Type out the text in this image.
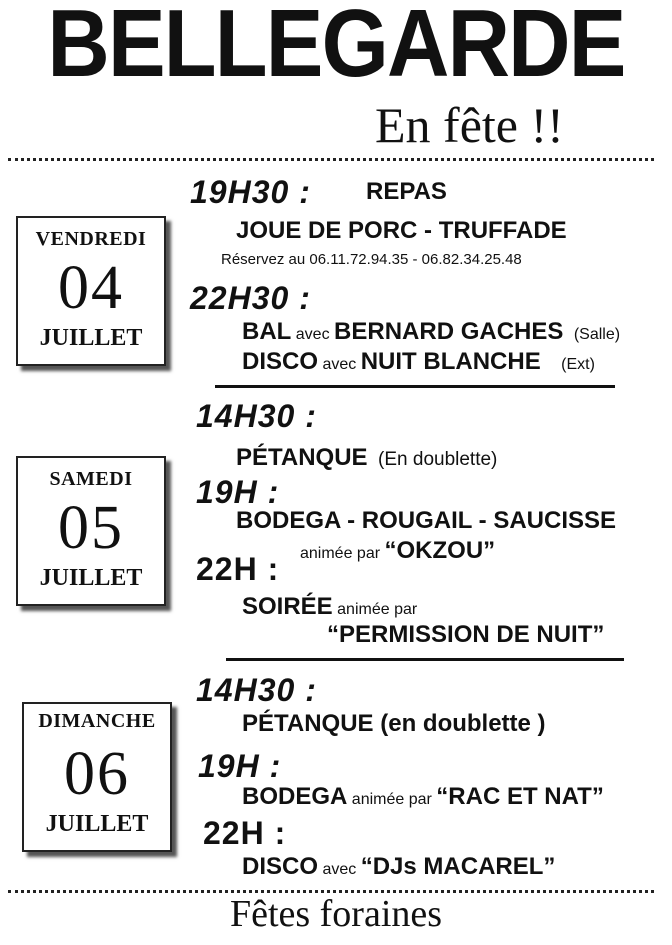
BELLEGARDE
En fête !!
VENDREDI
04
JUILLET
19H30 : REPAS
JOUE DE PORC - TRUFFADE
Réservez au 06.11.72.94.35 - 06.82.34.25.48
22H30 :
BAL avec BERNARD GACHES (Salle)
DISCO avec NUIT BLANCHE (Ext)
SAMEDI
05
JUILLET
14H30 :
PÉTANQUE (En doublette)
19H :
BODEGA - ROUGAIL - SAUCISSE
22H : animée par “OKZOU”
SOIRÉE animée par
“PERMISSION DE NUIT”
DIMANCHE
06
JUILLET
14H30 :
PÉTANQUE (en doublette )
19H :
BODEGA animée par “RAC ET NAT”
22H :
DISCO avec “DJs MACAREL”
Fêtes foraines
